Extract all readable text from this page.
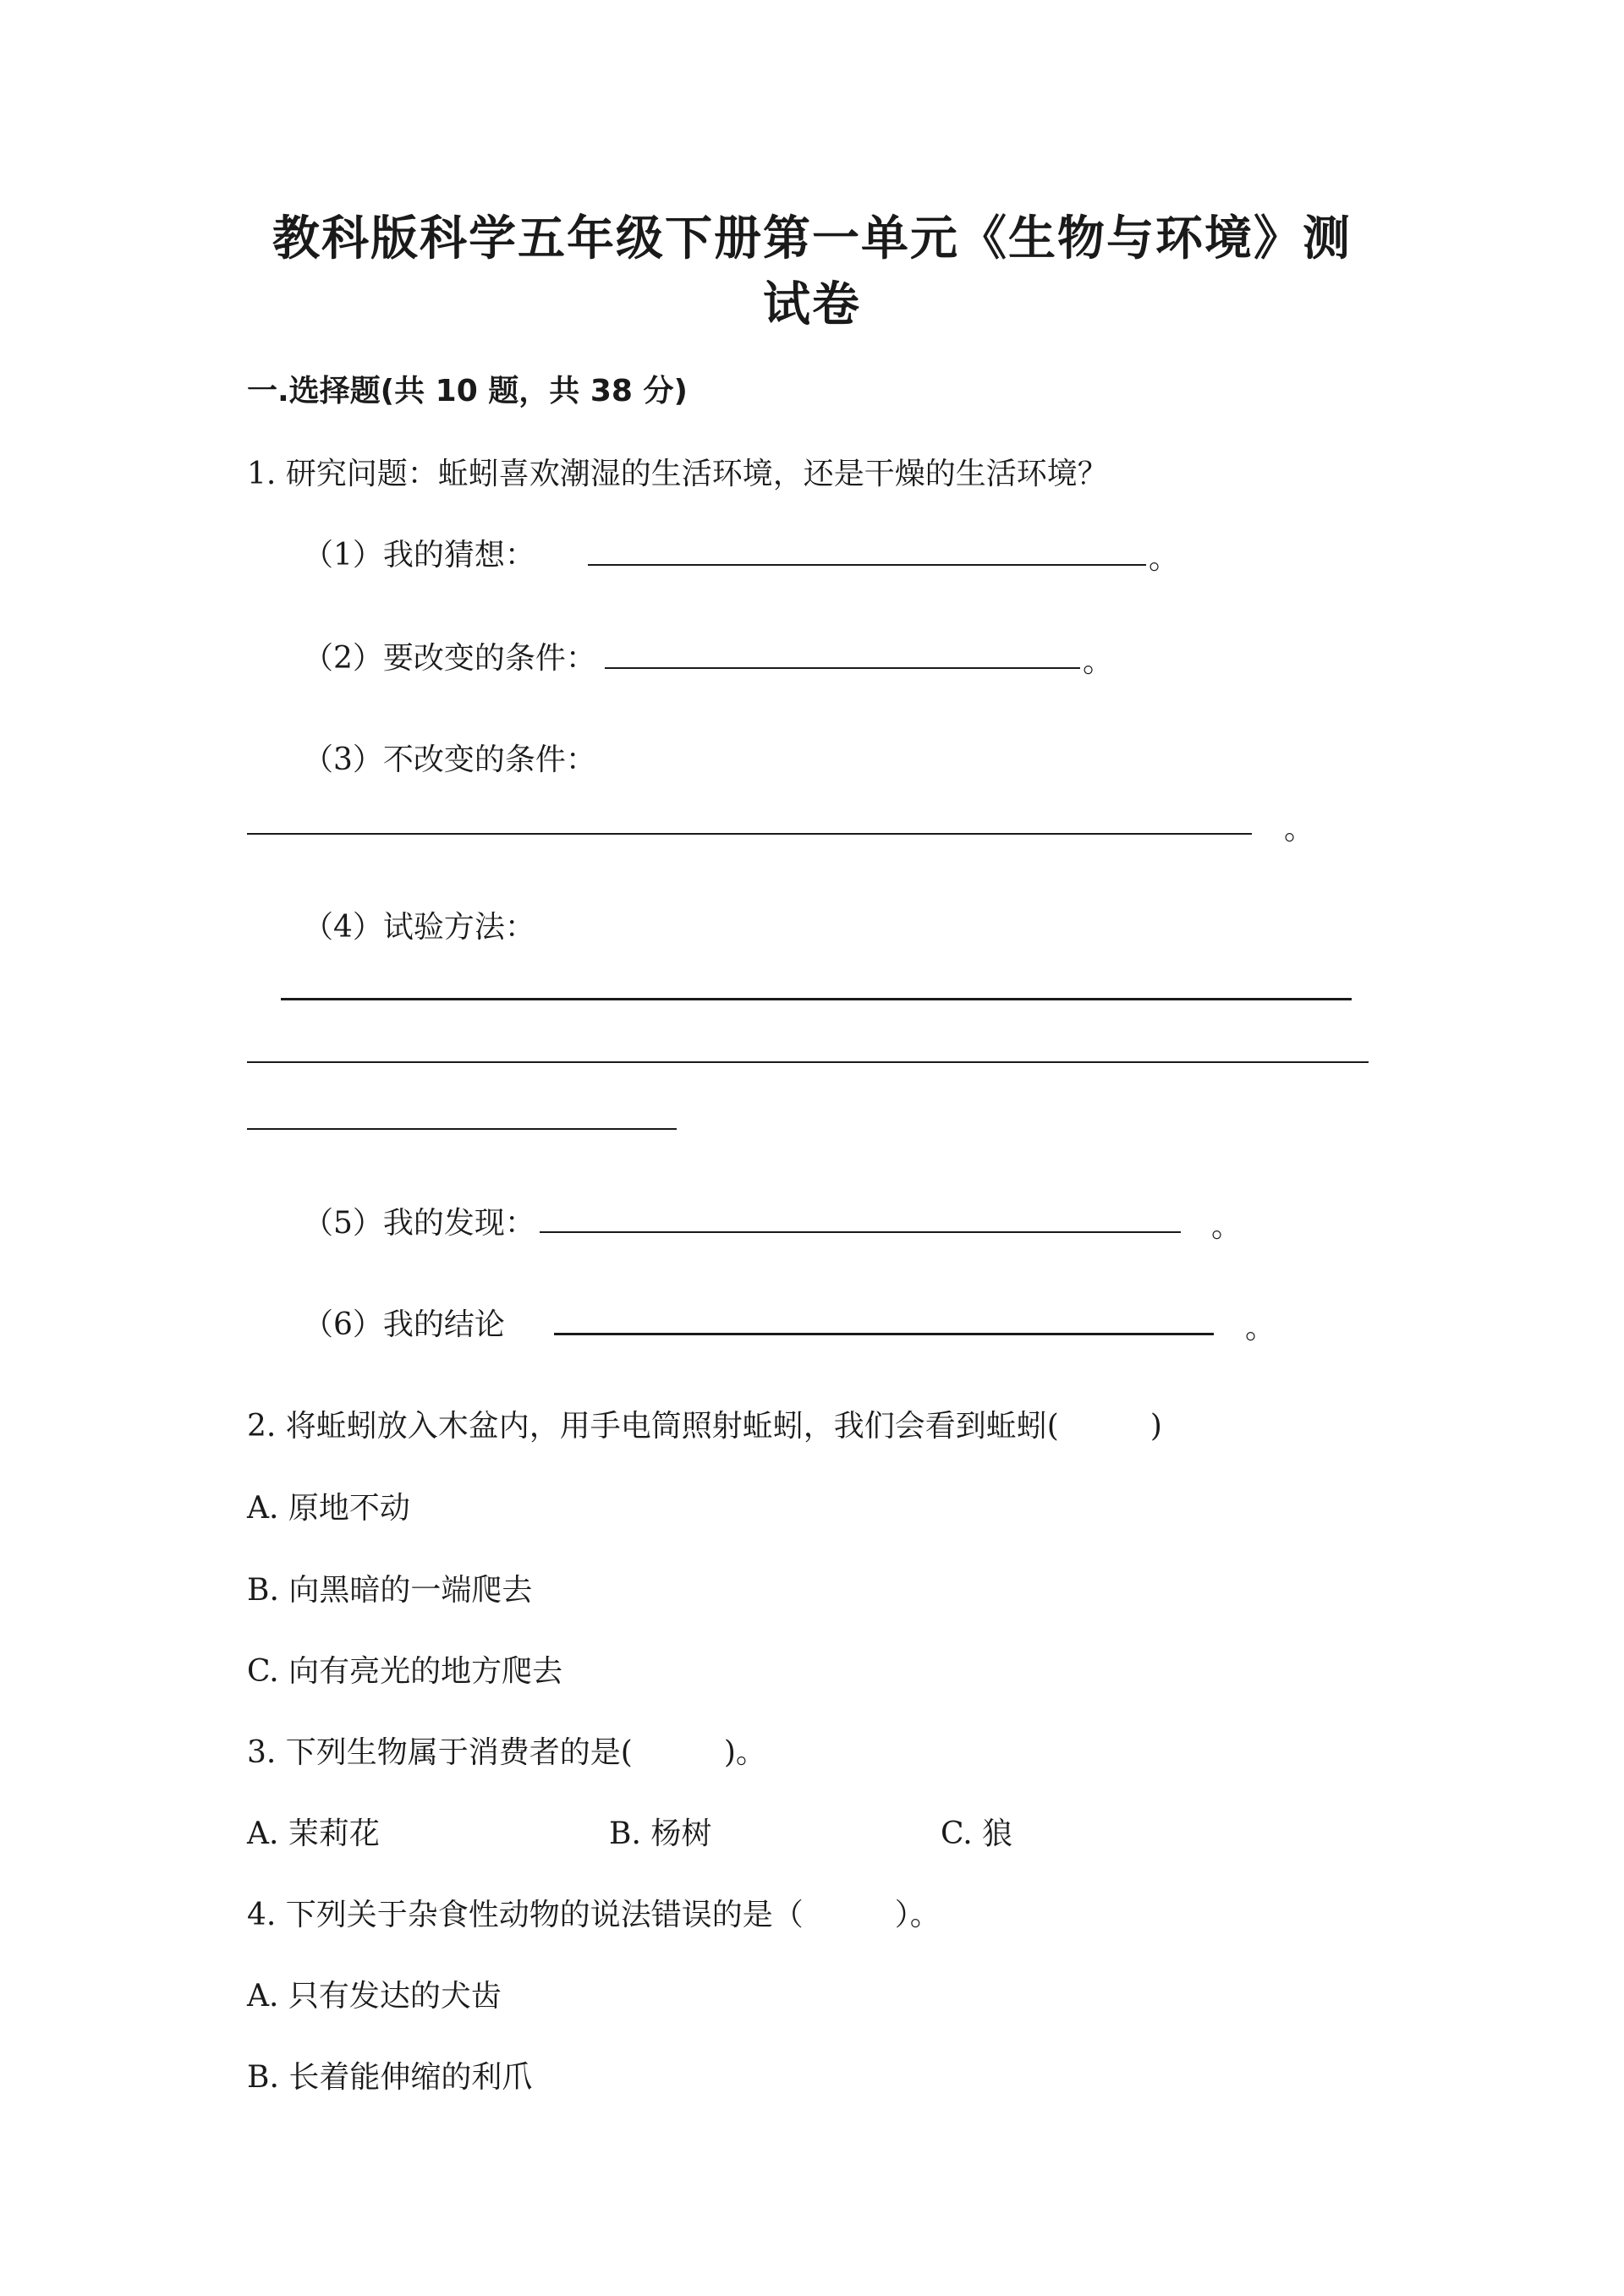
教科版科学五年级下册第一单元《生物与环境》测
试卷
一.选择题(共 10 题，共 38 分)
1. 研究问题：蚯蚓喜欢潮湿的生活环境，还是干燥的生活环境？
（1）我的猜想：	。
（2）要改变的条件：	。
（3）不改变的条件：
。
（4）试验方法：
（5）我的发现：	。
（6）我的结论	。
2. 将蚯蚓放入木盆内，用手电筒照射蚯蚓，我们会看到蚯蚓(　　　)
A. 原地不动
B. 向黑暗的一端爬去
C. 向有亮光的地方爬去
3. 下列生物属于消费者的是(　　　)。
A. 茉莉花	B. 杨树	C. 狼
4. 下列关于杂食性动物的说法错误的是（　　　）。
A. 只有发达的犬齿
B. 长着能伸缩的利爪
